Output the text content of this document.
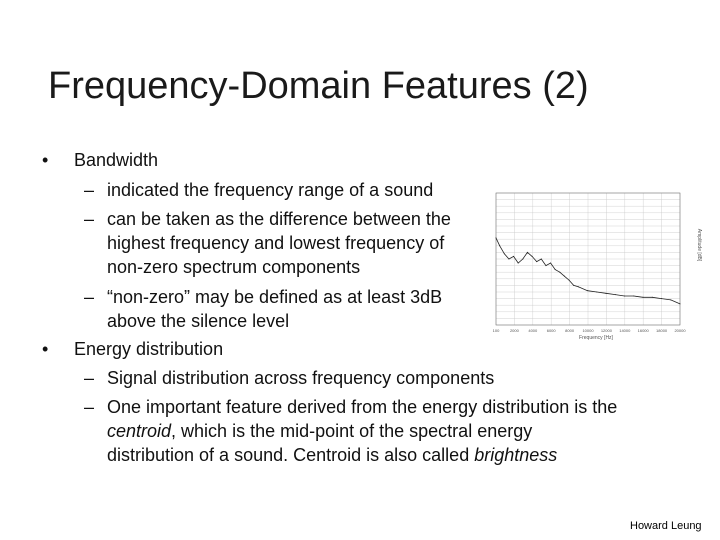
Frequency-Domain Features (2)
• Bandwidth
– indicated the frequency range of a sound
– can be taken as the difference between the
highest frequency and lowest frequency of
non-zero spectrum components
– “non-zero” may be defined as at least 3dB
above the silence level
• Energy distribution
– Signal distribution across frequency components
– One important feature derived from the energy distribution is the
centroid, which is the mid-point of the spectral energy
distribution of a sound. Centroid is also called brightness
100	2000 4000 6000 8000 10000 12000 14000 16000 18000 20000
Frequency [Hz]
Amplitude [dB]
Howard Leung
